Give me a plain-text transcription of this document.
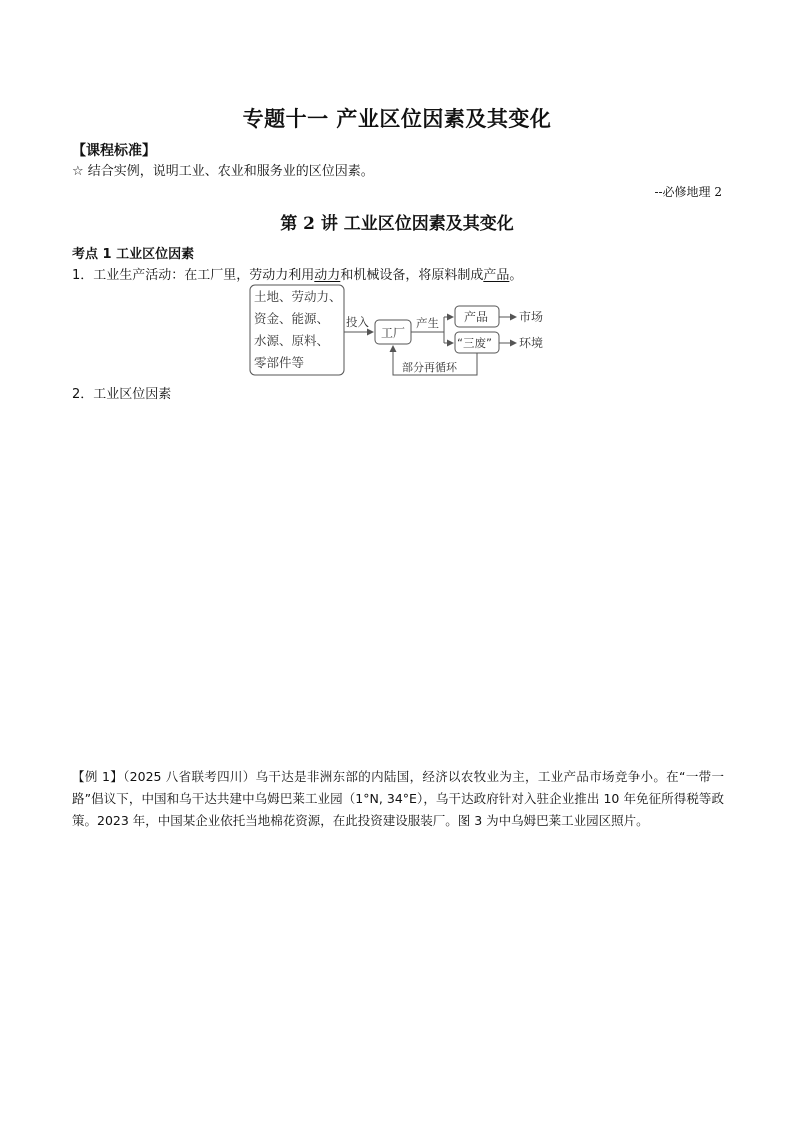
专题十一 产业区位因素及其变化
【课程标准】
☆ 结合实例，说明工业、农业和服务业的区位因素。
--必修地理 2
第 2 讲 工业区位因素及其变化
考点 1 工业区位因素
1．工业生产活动：在工厂里，劳动力利用动力和机械设备，将原料制成产品。
土地、劳动力、
资金、能源、
水源、原料、
零部件等
投入
工厂
产生 产品	市场
“三废” 环境
部分再循环
2．工业区位因素
【例 1】（2025 八省联考四川）乌干达是非洲东部的内陆国，经济以农牧业为主，工业产品市场竞争小。在“一带一路”倡议下，中国和乌干达共建中乌姆巴莱工业园（1°N, 34°E），乌干达政府针对入驻企业推出 10 年免征所得税等政策。2023 年，中国某企业依托当地棉花资源，在此投资建设服装厂。图 3 为中乌姆巴莱工业园区照片。
